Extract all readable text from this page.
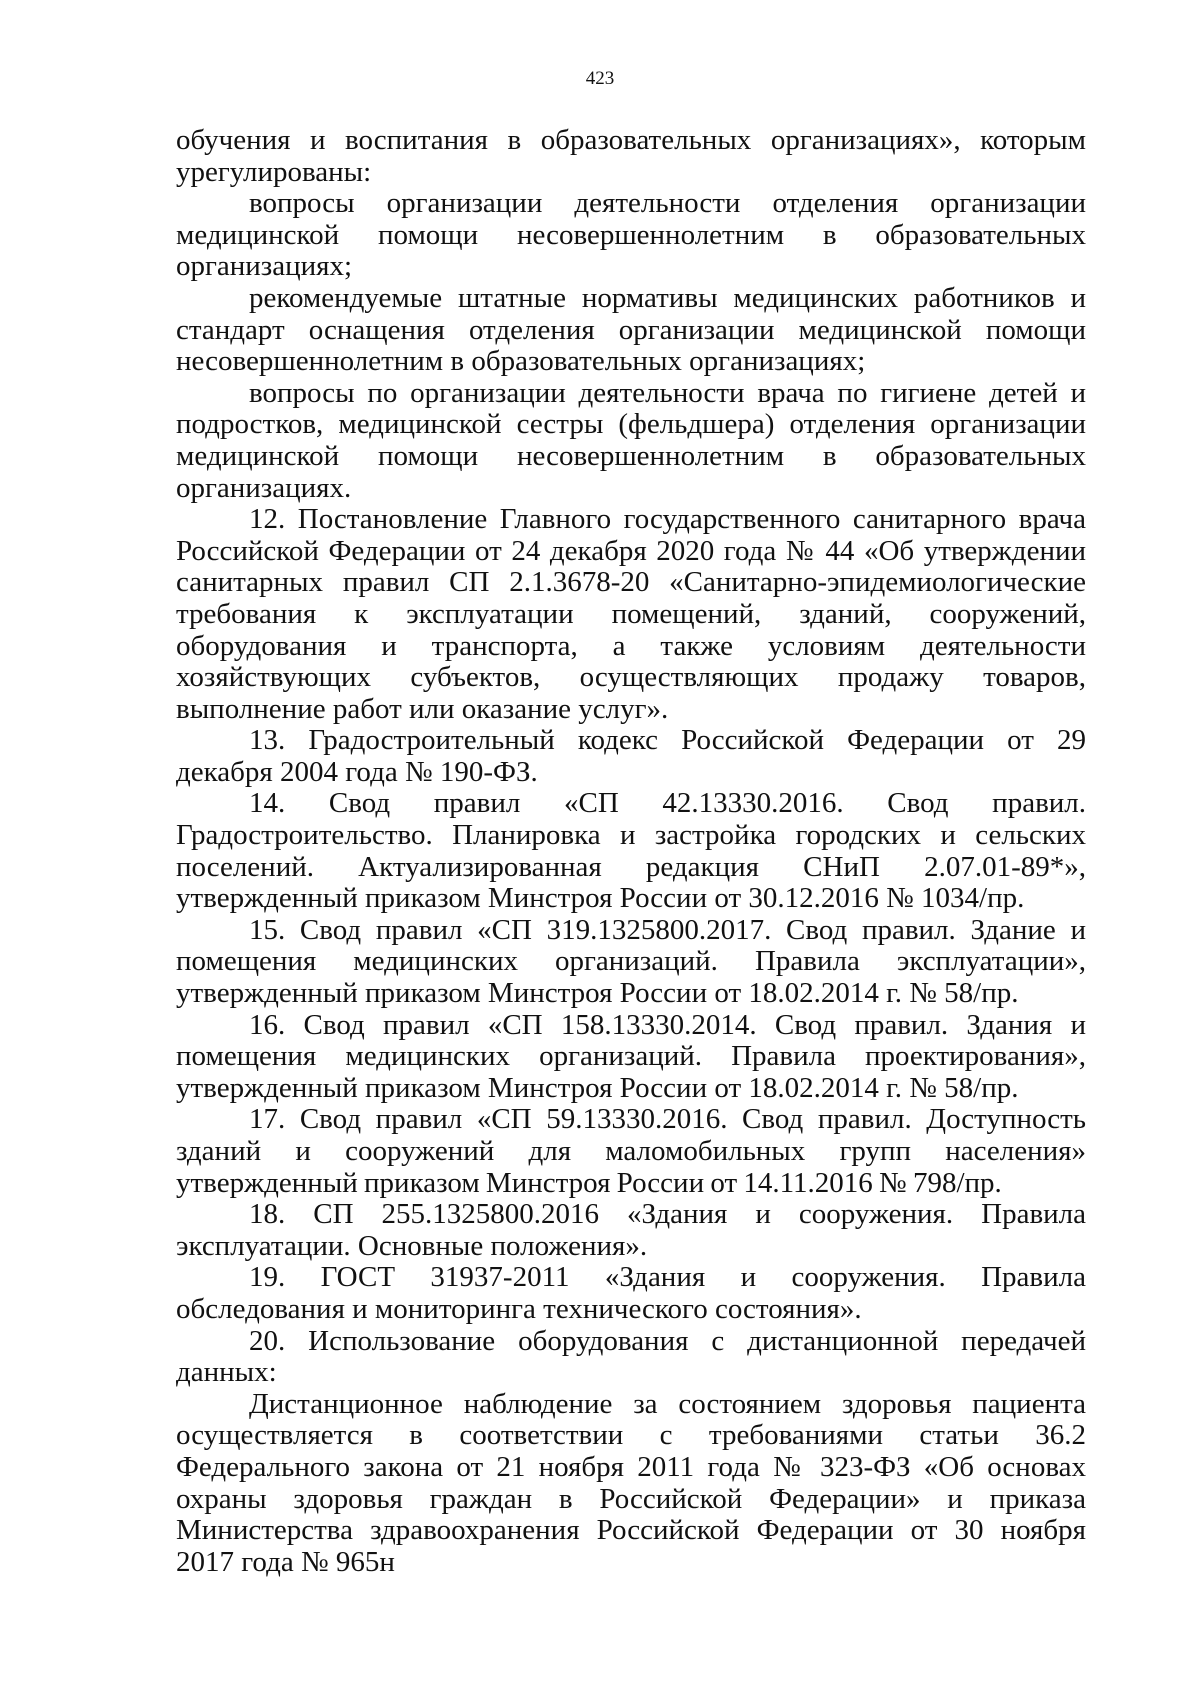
423

обучения и воспитания в образовательных организациях», которым урегулированы:

вопросы организации деятельности отделения организации медицинской помощи несовершеннолетним в образовательных организациях;

рекомендуемые штатные нормативы медицинских работников и стандарт оснащения отделения организации медицинской помощи несовершеннолетним в образовательных организациях;

вопросы по организации деятельности врача по гигиене детей и подростков, медицинской сестры (фельдшера) отделения организации медицинской помощи несовершеннолетним в образовательных организациях.

12. Постановление Главного государственного санитарного врача Российской Федерации от 24 декабря 2020 года № 44 «Об утверждении санитарных правил СП 2.1.3678-20 «Санитарно-эпидемиологические требования к эксплуатации помещений, зданий, сооружений, оборудования и транспорта, а также условиям деятельности хозяйствующих субъектов, осуществляющих продажу товаров, выполнение работ или оказание услуг».

13. Градостроительный кодекс Российской Федерации от 29 декабря 2004 года № 190-ФЗ.

14. Свод правил «СП 42.13330.2016. Свод правил. Градостроительство. Планировка и застройка городских и сельских поселений. Актуализированная редакция СНиП 2.07.01-89*», утвержденный приказом Минстроя России от 30.12.2016 № 1034/пр.

15. Свод правил «СП 319.1325800.2017. Свод правил. Здание и помещения медицинских организаций. Правила эксплуатации», утвержденный приказом Минстроя России от 18.02.2014 г. № 58/пр.

16. Свод правил «СП 158.13330.2014. Свод правил. Здания и помещения медицинских организаций. Правила проектирования», утвержденный приказом Минстроя России от 18.02.2014 г. № 58/пр.

17. Свод правил «СП 59.13330.2016. Свод правил. Доступность зданий и сооружений для маломобильных групп населения» утвержденный приказом Минстроя России от 14.11.2016 № 798/пр.

18. СП 255.1325800.2016 «Здания и сооружения. Правила эксплуатации. Основные положения».

19. ГОСТ 31937-2011 «Здания и сооружения. Правила обследования и мониторинга технического состояния».

20. Использование оборудования с дистанционной передачей данных:

Дистанционное наблюдение за состоянием здоровья пациента осуществляется в соответствии с требованиями статьи 36.2 Федерального закона от 21 ноября 2011 года № 323-ФЗ «Об основах охраны здоровья граждан в Российской Федерации» и приказа Министерства здравоохранения Российской Федерации от 30 ноября 2017 года № 965н
